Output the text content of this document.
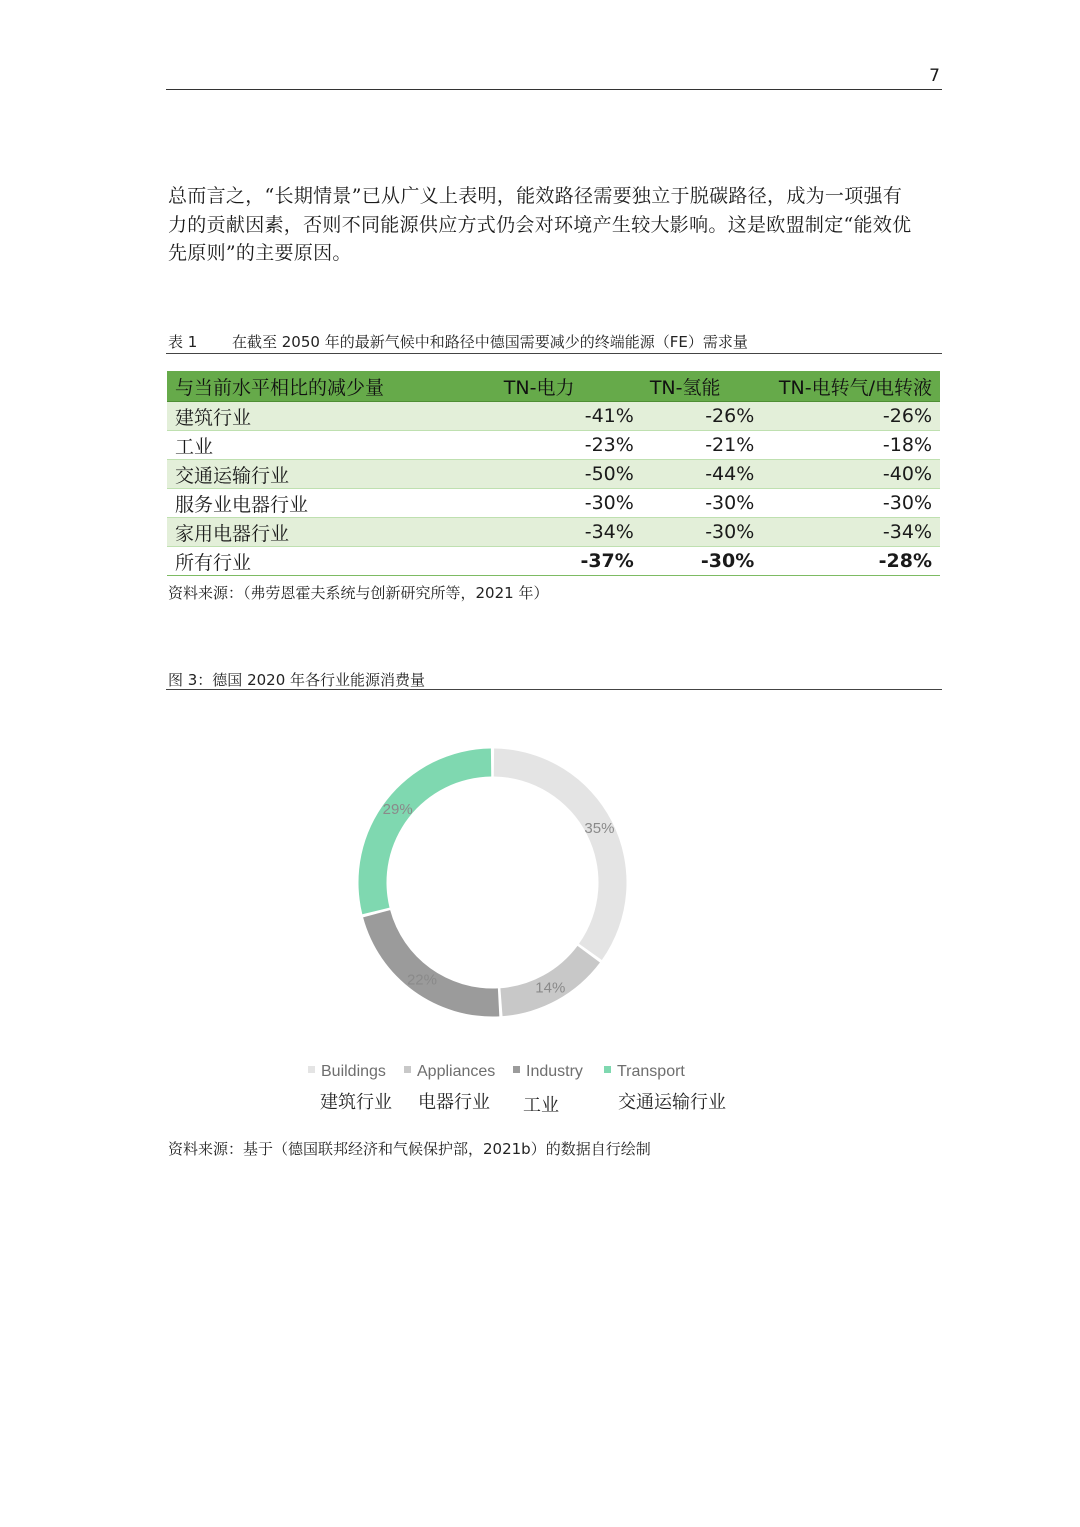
7
总而言之，“长期情景”已从广义上表明，能效路径需要独立于脱碳路径，成为一项强有
力的贡献因素，否则不同能源供应方式仍会对环境产生较大影响。这是欧盟制定“能效优
先原则”的主要原因。
表 1 在截至 2050 年的最新气候中和路径中德国需要减少的终端能源（FE）需求量
与当前水平相比的减少量	TN-电力	TN-氢能	TN-电转气/电转液
建筑行业	-41%	-26%	-26%
工业	-23%	-21%	-18%
交通运输行业	-50%	-44%	-40%
服务业电器行业	-30%	-30%	-30%
家用电器行业	-34%	-30%	-34%
所有行业	-37%	-30%	-28%
资料来源：（弗劳恩霍夫系统与创新研究所等，2021 年）
图 3：德国 2020 年各行业能源消费量
35%
14%
22%
29%
Buildings	Appliances	Industry	Transport
建筑行业 电器行业 工业	交通运输行业
资料来源：基于（德国联邦经济和气候保护部，2021b）的数据自行绘制
